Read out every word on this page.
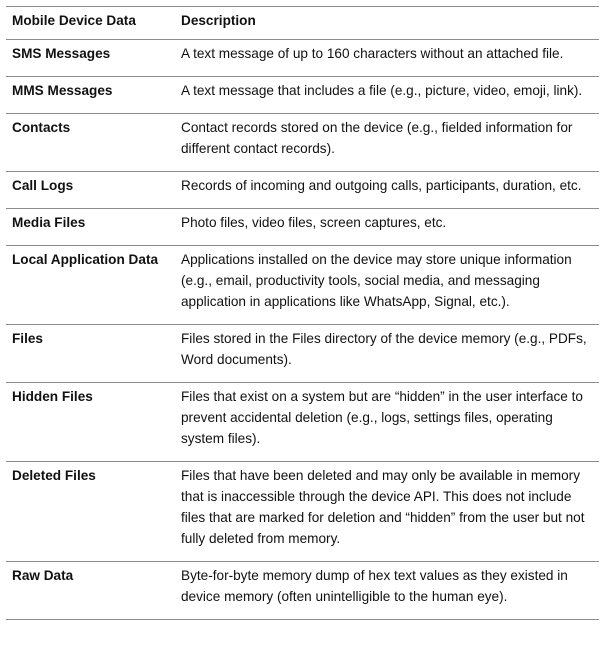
Mobile Device Data	Description
SMS Messages	A text message of up to 160 characters without an attached file.
MMS Messages	A text message that includes a file (e.g., picture, video, emoji, link).
Contacts	Contact records stored on the device (e.g., fielded information for different contact records).
Call Logs	Records of incoming and outgoing calls, participants, duration, etc.
Media Files	Photo files, video files, screen captures, etc.
Local Application Data	Applications installed on the device may store unique information (e.g., email, productivity tools, social media, and messaging application in applications like WhatsApp, Signal, etc.).
Files	Files stored in the Files directory of the device memory (e.g., PDFs, Word documents).
Hidden Files	Files that exist on a system but are “hidden” in the user interface to prevent accidental deletion (e.g., logs, settings files, operating system files).
Deleted Files	Files that have been deleted and may only be available in memory that is inaccessible through the device API. This does not include files that are marked for deletion and “hidden” from the user but not fully deleted from memory.
Raw Data	Byte-for-byte memory dump of hex text values as they existed in device memory (often unintelligible to the human eye).
